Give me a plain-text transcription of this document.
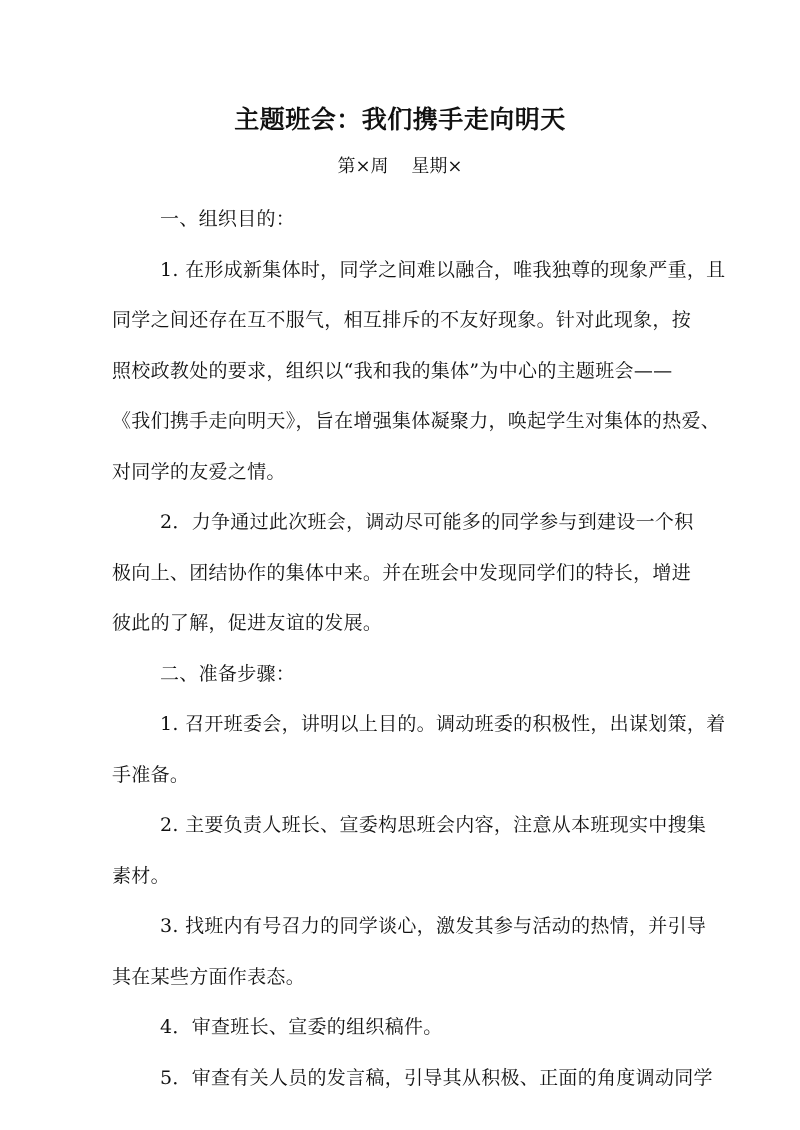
主题班会：我们携手走向明天
第×周    星期×
一、组织目的：
1. 在形成新集体时，同学之间难以融合，唯我独尊的现象严重，且
同学之间还存在互不服气，相互排斥的不友好现象。针对此现象，按
照校政教处的要求，组织以“我和我的集体”为中心的主题班会——
《我们携手走向明天》，旨在增强集体凝聚力，唤起学生对集体的热爱、
对同学的友爱之情。
2．力争通过此次班会，调动尽可能多的同学参与到建设一个积
极向上、团结协作的集体中来。并在班会中发现同学们的特长，增进
彼此的了解，促进友谊的发展。
二、准备步骤：
1. 召开班委会，讲明以上目的。调动班委的积极性，出谋划策，着
手准备。
2. 主要负责人班长、宣委构思班会内容，注意从本班现实中搜集
素材。
3. 找班内有号召力的同学谈心，激发其参与活动的热情，并引导
其在某些方面作表态。
4．审查班长、宣委的组织稿件。
5．审查有关人员的发言稿，引导其从积极、正面的角度调动同学
